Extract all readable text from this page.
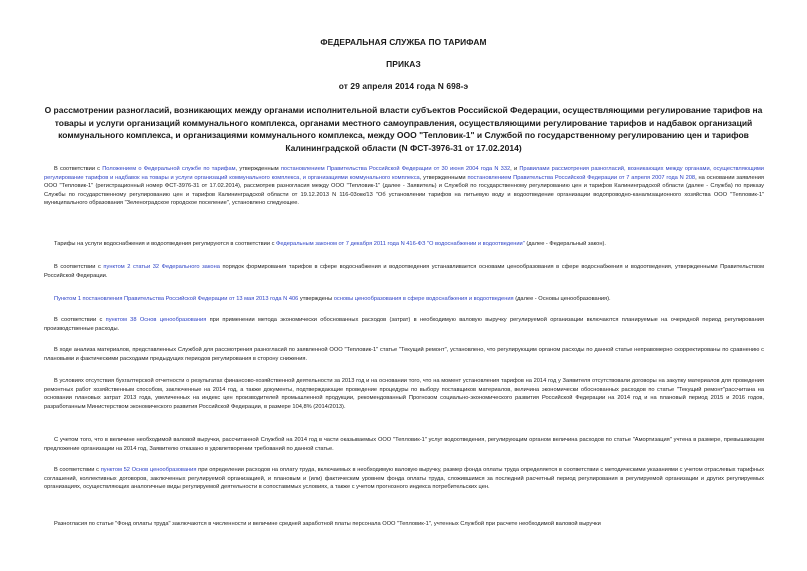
ФЕДЕРАЛЬНАЯ СЛУЖБА ПО ТАРИФАМ
ПРИКАЗ
от 29 апреля 2014 года N 698-э
О рассмотрении разногласий, возникающих между органами исполнительной власти субъектов Российской Федерации, осуществляющими регулирование тарифов на товары и услуги организаций коммунального комплекса, органами местного самоуправления, осуществляющими регулирование тарифов и надбавок организаций коммунального комплекса, и организациями коммунального комплекса, между ООО "Тепловик-1" и Службой по государственному регулированию цен и тарифов Калининградской области (N ФСТ-3976-31 от 17.02.2014)
В соответствии с Положением о Федеральной службе по тарифам, утвержденным постановлением Правительства Российской Федерации от 30 июня 2004 года N 332, и Правилами рассмотрения разногласий, возникающих между органами, осуществляющими регулирование тарифов и надбавок на товары и услуги организаций коммунального комплекса, и организациями коммунального комплекса, утвержденными постановлением Правительства Российской Федерации от 7 апреля 2007 года N 208, на основании заявления ООО "Тепловик-1" (регистрационный номер ФСТ-3976-31 от 17.02.2014), рассмотрев разногласия между ООО "Тепловик-1" (далее - Заявитель) и Службой по государственному регулированию цен и тарифов Калининградской области (далее - Служба) по приказу Службы по государственному регулированию цен и тарифов Калининградской области от 19.12.2013 N 116-03окк/13 "Об установлении тарифов на питьевую воду и водоотведение организации водопроводно-канализационного хозяйства ООО "Тепловик-1" муниципального образования "Зеленоградское городское поселение", установлено следующее.
Тарифы на услуги водоснабжения и водоотведения регулируются в соответствии с Федеральным законом от 7 декабря 2011 года N 416-ФЗ "О водоснабжении и водоотведении" (далее - Федеральный закон).
В соответствии с пунктом 2 статьи 32 Федерального закона порядок формирования тарифов в сфере водоснабжения и водоотведения устанавливается основами ценообразования в сфере водоснабжения и водоотведения, утвержденными Правительством Российской Федерации.
Пунктом 1 постановления Правительства Российской Федерации от 13 мая 2013 года N 406 утверждены основы ценообразования в сфере водоснабжения и водоотведения (далее - Основы ценообразования).
В соответствии с пунктом 38 Основ ценообразования при применении метода экономически обоснованных расходов (затрат) в необходимую валовую выручку регулируемой организации включаются планируемые на очередной период регулирования производственные расходы.
В ходе анализа материалов, представленных Службой для рассмотрения разногласий по заявленной ООО "Тепловик-1" статье "Текущий ремонт", установлено, что регулирующим органом расходы по данной статье неправомерно скорректированы по сравнению с плановыми и фактическими расходами предыдущих периодов регулирования в сторону снижения.
В условиях отсутствия бухгалтерской отчетности о результатах финансово-хозяйственной деятельности за 2013 год и на основании того, что на момент установления тарифов на 2014 год у Заявителя отсутствовали договоры на закупку материалов для проведения ремонтных работ хозяйственным способом, заключенные на 2014 год, а также документы, подтверждающие проведение процедуры по выбору поставщиков материалов, величина экономически обоснованных расходов по статье "Текущий ремонт"рассчитана на основании плановых затрат 2013 года, увеличенных на индекс цен производителей промышленной продукции, рекомендованный Прогнозом социально-экономического развития Российской Федерации на 2014 год и на плановый период 2015 и 2016 годов, разработанным Министерством экономического развития Российской Федерации, в размере 104,8% (2014/2013).
С учетом того, что в величине необходимой валовой выручки, рассчитанной Службой на 2014 год в части оказываемых ООО "Тепловик-1" услуг водоотведения, регулирующим органом величина расходов по статье "Амортизация" учтена в размере, превышающем предложение организации на 2014 год, Заявителю отказано в удовлетворении требований по данной статье.
В соответствии с пунктом 52 Основ ценообразования при определении расходов на оплату труда, включаемых в необходимую валовую выручку, размер фонда оплаты труда определяется в соответствии с методическими указаниями с учетом отраслевых тарифных соглашений, коллективных договоров, заключенных регулируемой организацией, и плановым и (или) фактическим уровнем фонда оплаты труда, сложившимся за последний расчетный период регулирования в регулируемой организации и других регулируемых организациях, осуществляющих аналогичные виды регулируемой деятельности в сопоставимых условиях, а также с учетом прогнозного индекса потребительских цен.
Разногласия по статье "Фонд оплаты труда" заключаются в численности и величине средней заработной платы персонала ООО "Тепловик-1", учтенных Службой при расчете необходимой валовой выручки
